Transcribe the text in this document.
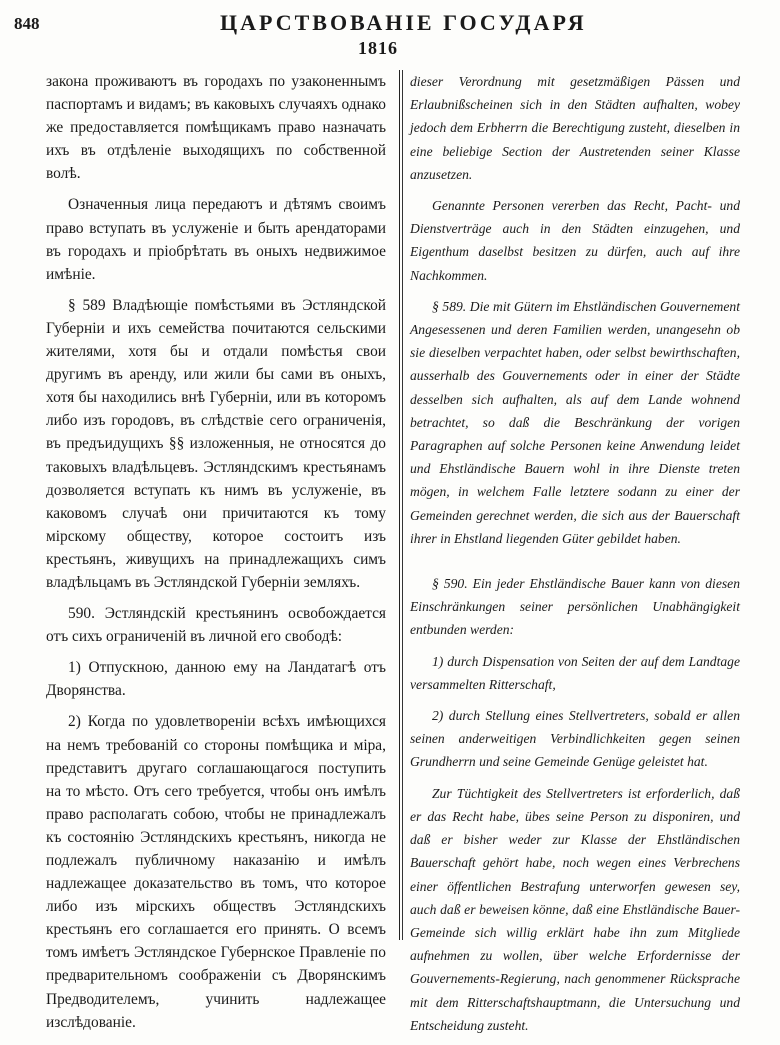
848	ЦАРСТВОВАНІЕ ГОСУДАРЯ
1816

закона проживаютъ въ городахъ по узаконеннымъ паспортамъ и видамъ; въ каковыхъ случаяхъ однако же предоставляется помѣщикамъ право назначать ихъ въ отдѣленіе выходящихъ по собственной волѣ.

Означенныя лица передаютъ и дѣтямъ своимъ право вступать въ услуженіе и быть арендаторами въ городахъ и пріобрѣтать въ оныхъ недвижимое имѣніе.

§ 589 Владѣющіе помѣстьями въ Эстляндской Губерніи и ихъ семейства почитаются сельскими жителями, хотя бы и отдали помѣстья свои другимъ въ аренду, или жили бы сами въ оныхъ, хотя бы находились внѣ Губерніи, или въ которомъ либо изъ городовъ, въ слѣдствіе сего ограниченія, въ предъидущихъ §§ изложенныя, не относятся до таковыхъ владѣльцевъ. Эстляндскимъ крестьянамъ дозволяется вступать къ нимъ въ услуженіе, въ каковомъ случаѣ они причитаются къ тому мірскому обществу, которое состоитъ изъ крестьянъ, живущихъ на принадлежащихъ симъ владѣльцамъ въ Эстляндской Губерніи земляхъ.

590. Эстляндскій крестьянинъ освобождается отъ сихъ ограниченій въ личной его свободѣ:

1) Отпускною, данною ему на Ландатагѣ отъ Дворянства.

2) Когда по удовлетвореніи всѣхъ имѣющихся на немъ требованій со стороны помѣщика и міра, представитъ другаго соглашающагося поступить на то мѣсто. Отъ сего требуется, чтобы онъ имѣлъ право располагать собою, чтобы не принадлежалъ къ состоянію Эстляндскихъ крестьянъ, никогда не подлежалъ публичному наказанію и имѣлъ надлежащее доказательство въ томъ, что которое либо изъ мірскихъ обществъ Эстляндскихъ крестьянъ его соглашается его принять. О всемъ томъ имѣетъ Эстляндское Губернское Правленіе по предварительномъ соображеніи съ Дворянскимъ Предводителемъ, учинить надлежащее изслѣдованіе.

dieser Verordnung mit gesetzmäßigen Pässen und Erlaubnißscheinen sich in den Städten aufhalten, wobey jedoch dem Erbherrn die Berechtigung zusteht, dieselben in eine beliebige Section der Austretenden seiner Klasse anzusetzen.

Genannte Personen vererben das Recht, Pacht- und Dienstverträge auch in den Städten einzugehen, und Eigenthum daselbst besitzen zu dürfen, auch auf ihre Nachkommen.

§ 589. Die mit Gütern im Ehstländischen Gouvernement Angesessenen und deren Familien werden, unangesehn ob sie dieselben verpachtet haben, oder selbst bewirthschaften, ausserhalb des Gouvernements oder in einer der Städte desselben sich aufhalten, als auf dem Lande wohnend betrachtet, so daß die Beschränkung der vorigen Paragraphen auf solche Personen keine Anwendung leidet und Ehstländische Bauern wohl in ihre Dienste treten mögen, in welchem Falle letztere sodann zu einer der Gemeinden gerechnet werden, die sich aus der Bauerschaft ihrer in Ehstland liegenden Güter gebildet haben.

§ 590. Ein jeder Ehstländische Bauer kann von diesen Einschränkungen seiner persönlichen Unabhängigkeit entbunden werden:

1) durch Dispensation von Seiten der auf dem Landtage versammelten Ritterschaft,

2) durch Stellung eines Stellvertreters, sobald er allen seinen anderweitigen Verbindlichkeiten gegen seinen Grundherrn und seine Gemeinde Genüge geleistet hat.

Zur Tüchtigkeit des Stellvertreters ist erforderlich, daß er das Recht habe, übes seine Person zu disponiren, und daß er bisher weder zur Klasse der Ehstländischen Bauerschaft gehört habe, noch wegen eines Verbrechens einer öffentlichen Bestrafung unterworfen gewesen sey, auch daß er beweisen könne, daß eine Ehstländische Bauer-Gemeinde sich willig erklärt habe ihn zum Mitgliede aufnehmen zu wollen, über welche Erfordernisse der Gouvernements-Regierung, nach genommener Rücksprache mit dem Ritterschaftshauptmann, die Untersuchung und Entscheidung zusteht.
